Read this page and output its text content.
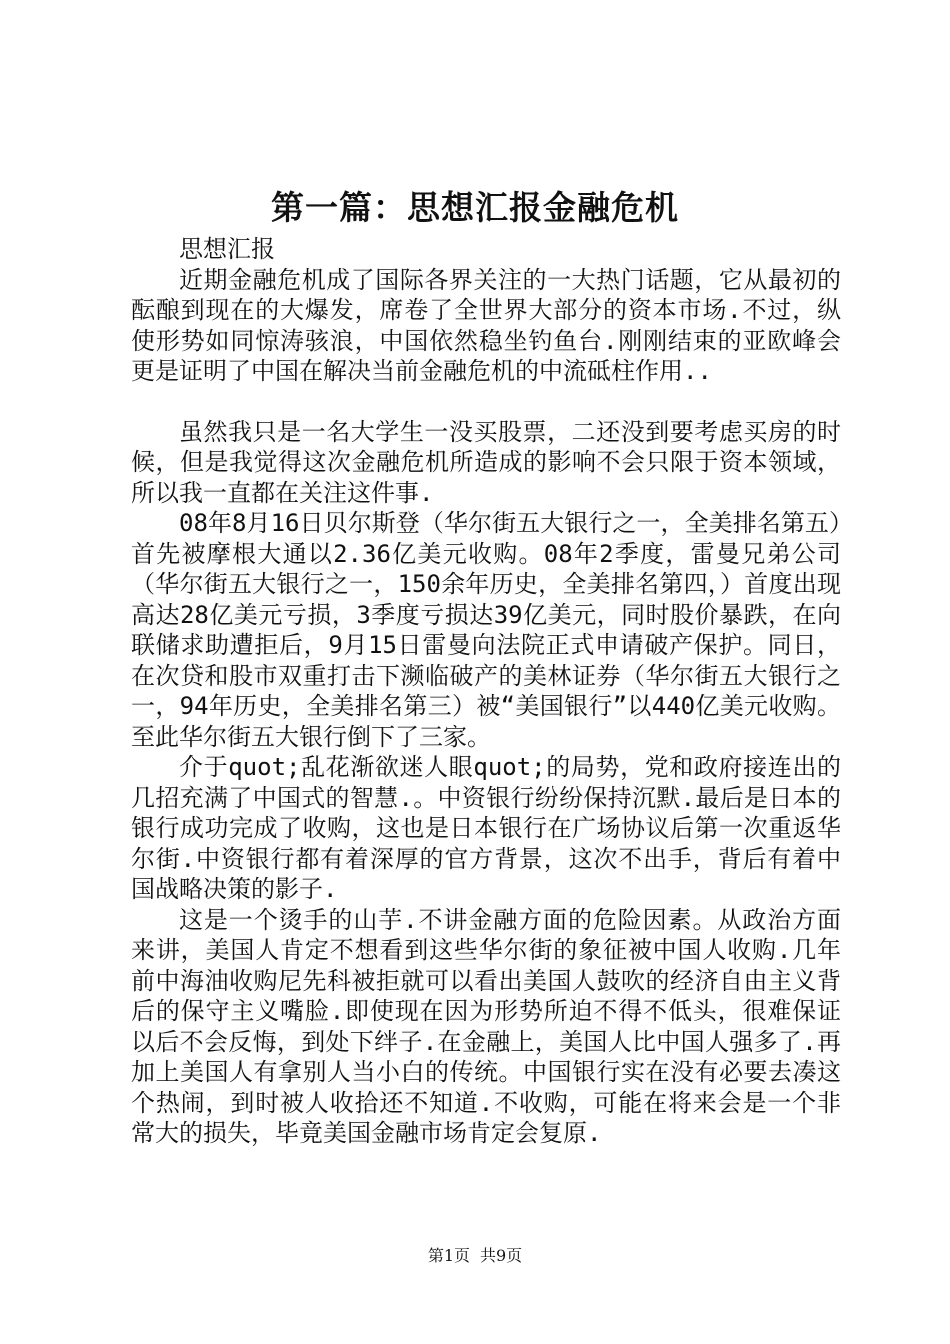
第一篇：思想汇报金融危机

思想汇报

近期金融危机成了国际各界关注的一大热门话题，它从最初的酝酿到现在的大爆发，席卷了全世界大部分的资本市场.不过，纵使形势如同惊涛骇浪，中国依然稳坐钓鱼台.刚刚结束的亚欧峰会更是证明了中国在解决当前金融危机的中流砥柱作用..

虽然我只是一名大学生一没买股票，二还没到要考虑买房的时候，但是我觉得这次金融危机所造成的影响不会只限于资本领域，所以我一直都在关注这件事.

08年8月16日贝尔斯登（华尔街五大银行之一，全美排名第五）首先被摩根大通以2.36亿美元收购。08年2季度，雷曼兄弟公司（华尔街五大银行之一，150余年历史，全美排名第四，）首度出现高达28亿美元亏损，3季度亏损达39亿美元，同时股价暴跌，在向联储求助遭拒后，9月15日雷曼向法院正式申请破产保护。同日，在次贷和股市双重打击下濒临破产的美林证券（华尔街五大银行之一，94年历史，全美排名第三）被“美国银行”以440亿美元收购。至此华尔街五大银行倒下了三家。

介于quot;乱花渐欲迷人眼quot;的局势，党和政府接连出的几招充满了中国式的智慧.。中资银行纷纷保持沉默.最后是日本的银行成功完成了收购，这也是日本银行在广场协议后第一次重返华尔街.中资银行都有着深厚的官方背景，这次不出手，背后有着中国战略决策的影子.

这是一个烫手的山芋.不讲金融方面的危险因素。从政治方面来讲，美国人肯定不想看到这些华尔街的象征被中国人收购.几年前中海油收购尼先科被拒就可以看出美国人鼓吹的经济自由主义背后的保守主义嘴脸.即使现在因为形势所迫不得不低头，很难保证以后不会反悔，到处下绊子.在金融上，美国人比中国人强多了.再加上美国人有拿别人当小白的传统。中国银行实在没有必要去凑这个热闹，到时被人收拾还不知道.不收购，可能在将来会是一个非常大的损失，毕竟美国金融市场肯定会复原.

第1页 共9页
